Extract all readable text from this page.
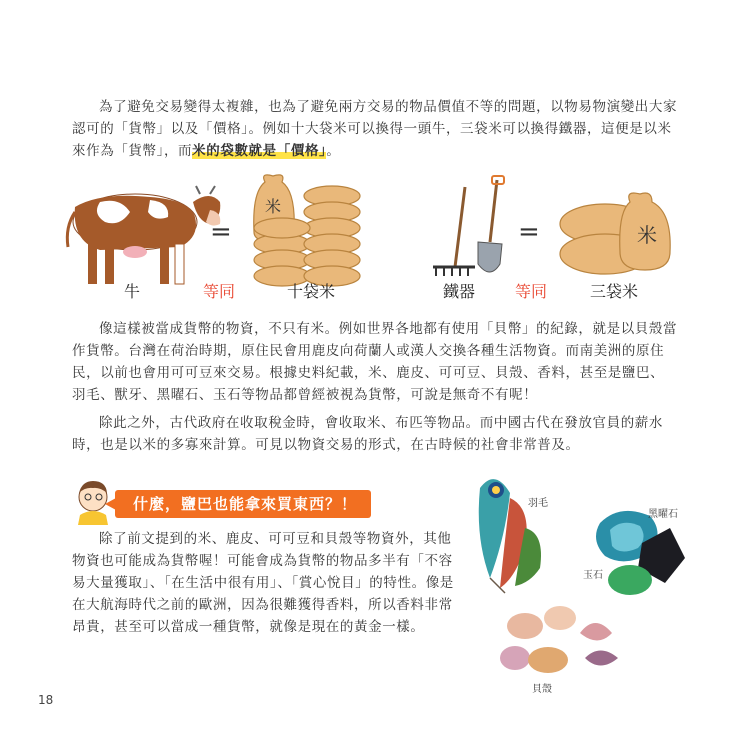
為了避免交易變得太複雜，也為了避免兩方交易的物品價值不等的問題，以物易物演變出大家認可的「貨幣」以及「價格」。例如十大袋米可以換得一頭牛，三袋米可以換得鐵器，這便是以米來作為「貨幣」，而米的袋數就是「價格」。

=
米
=	米
牛	等同	十袋米	鐵器 等同	三袋米

像這樣被當成貨幣的物資，不只有米。例如世界各地都有使用「貝幣」的紀錄，就是以貝殼當作貨幣。台灣在荷治時期，原住民會用鹿皮向荷蘭人或漢人交換各種生活物資。而南美洲的原住民，以前也會用可可豆來交易。根據史料紀載，米、鹿皮、可可豆、貝殼、香料，甚至是鹽巴、羽毛、獸牙、黑曜石、玉石等物品都曾經被視為貨幣，可說是無奇不有呢！

除此之外，古代政府在收取稅金時，會收取米、布匹等物品。而中國古代在發放官員的薪水時，也是以米的多寡來計算。可見以物資交易的形式，在古時候的社會非常普及。

什麼，鹽巴也能拿來買東西？！

除了前文提到的米、鹿皮、可可豆和貝殼等物資外，其他物資也可能成為貨幣喔！可能會成為貨幣的物品多半有「不容易大量獲取」、「在生活中很有用」、「賞心悅目」的特性。像是在大航海時代之前的歐洲，因為很難獲得香料，所以香料非常昂貴，甚至可以當成一種貨幣，就像是現在的黃金一樣。

羽毛
黑曜石
玉石
貝殼
18
